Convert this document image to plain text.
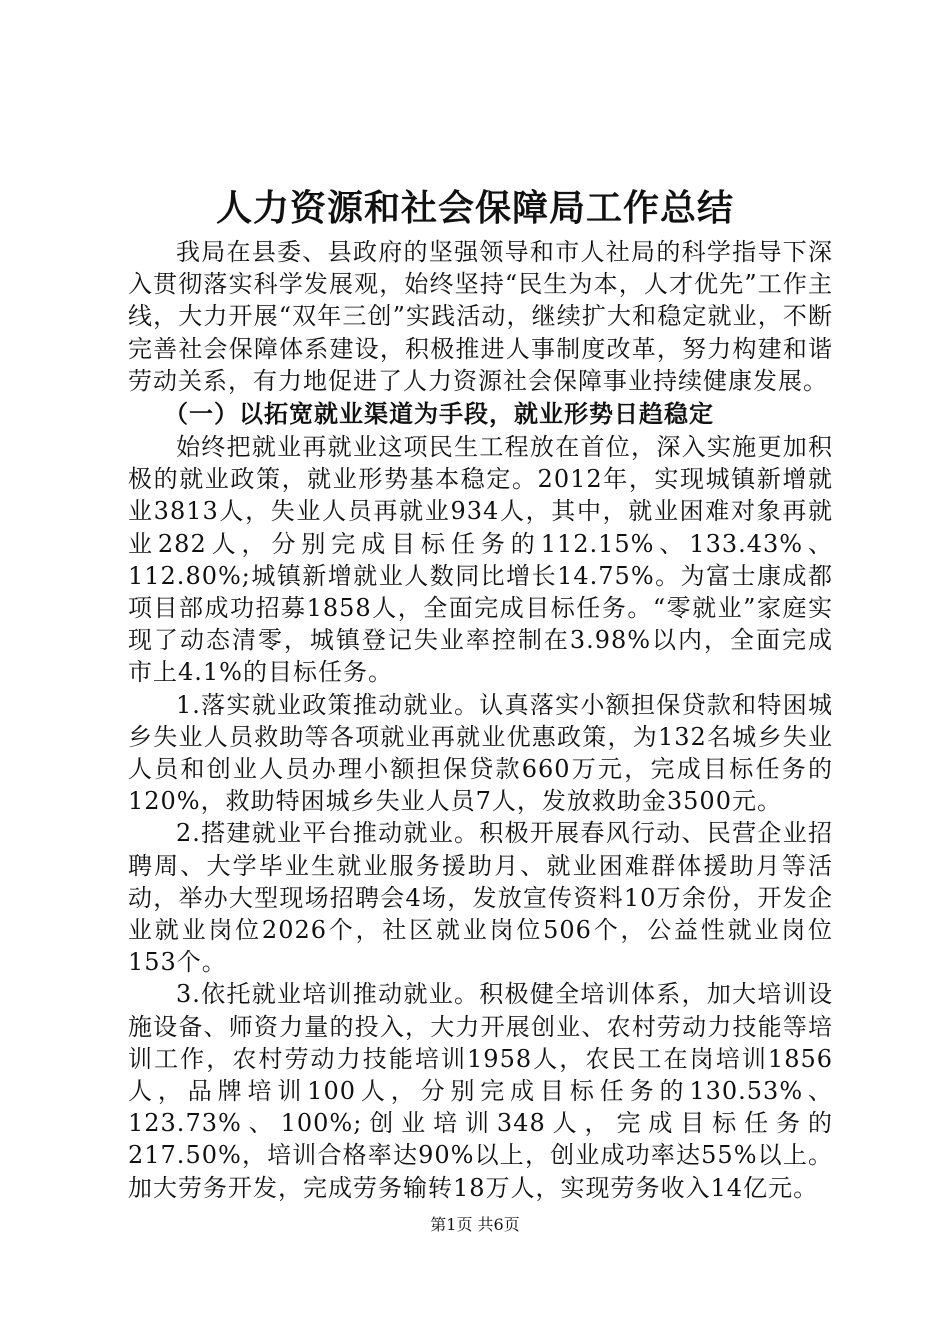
人力资源和社会保障局工作总结

我局在县委、县政府的坚强领导和市人社局的科学指导下深入贯彻落实科学发展观，始终坚持“民生为本，人才优先”工作主线，大力开展“双年三创”实践活动，继续扩大和稳定就业，不断完善社会保障体系建设，积极推进人事制度改革，努力构建和谐劳动关系，有力地促进了人力资源社会保障事业持续健康发展。

（一）以拓宽就业渠道为手段，就业形势日趋稳定

始终把就业再就业这项民生工程放在首位，深入实施更加积极的就业政策，就业形势基本稳定。2012年，实现城镇新增就业3813人，失业人员再就业934人，其中，就业困难对象再就业282人，分别完成目标任务的112.15%、133.43%、112.80%;城镇新增就业人数同比增长14.75%。为富士康成都项目部成功招募1858人，全面完成目标任务。“零就业”家庭实现了动态清零，城镇登记失业率控制在3.98%以内，全面完成市上4.1%的目标任务。

1.落实就业政策推动就业。认真落实小额担保贷款和特困城乡失业人员救助等各项就业再就业优惠政策，为132名城乡失业人员和创业人员办理小额担保贷款660万元，完成目标任务的120%，救助特困城乡失业人员7人，发放救助金3500元。

2.搭建就业平台推动就业。积极开展春风行动、民营企业招聘周、大学毕业生就业服务援助月、就业困难群体援助月等活动，举办大型现场招聘会4场，发放宣传资料10万余份，开发企业就业岗位2026个，社区就业岗位506个，公益性就业岗位153个。

3.依托就业培训推动就业。积极健全培训体系，加大培训设施设备、师资力量的投入，大力开展创业、农村劳动力技能等培训工作，农村劳动力技能培训1958人，农民工在岗培训1856人，品牌培训100人，分别完成目标任务的130.53%、123.73%、100%;创业培训348人，完成目标任务的217.50%，培训合格率达90%以上，创业成功率达55%以上。加大劳务开发，完成劳务输转18万人，实现劳务收入14亿元。

第1页 共6页
